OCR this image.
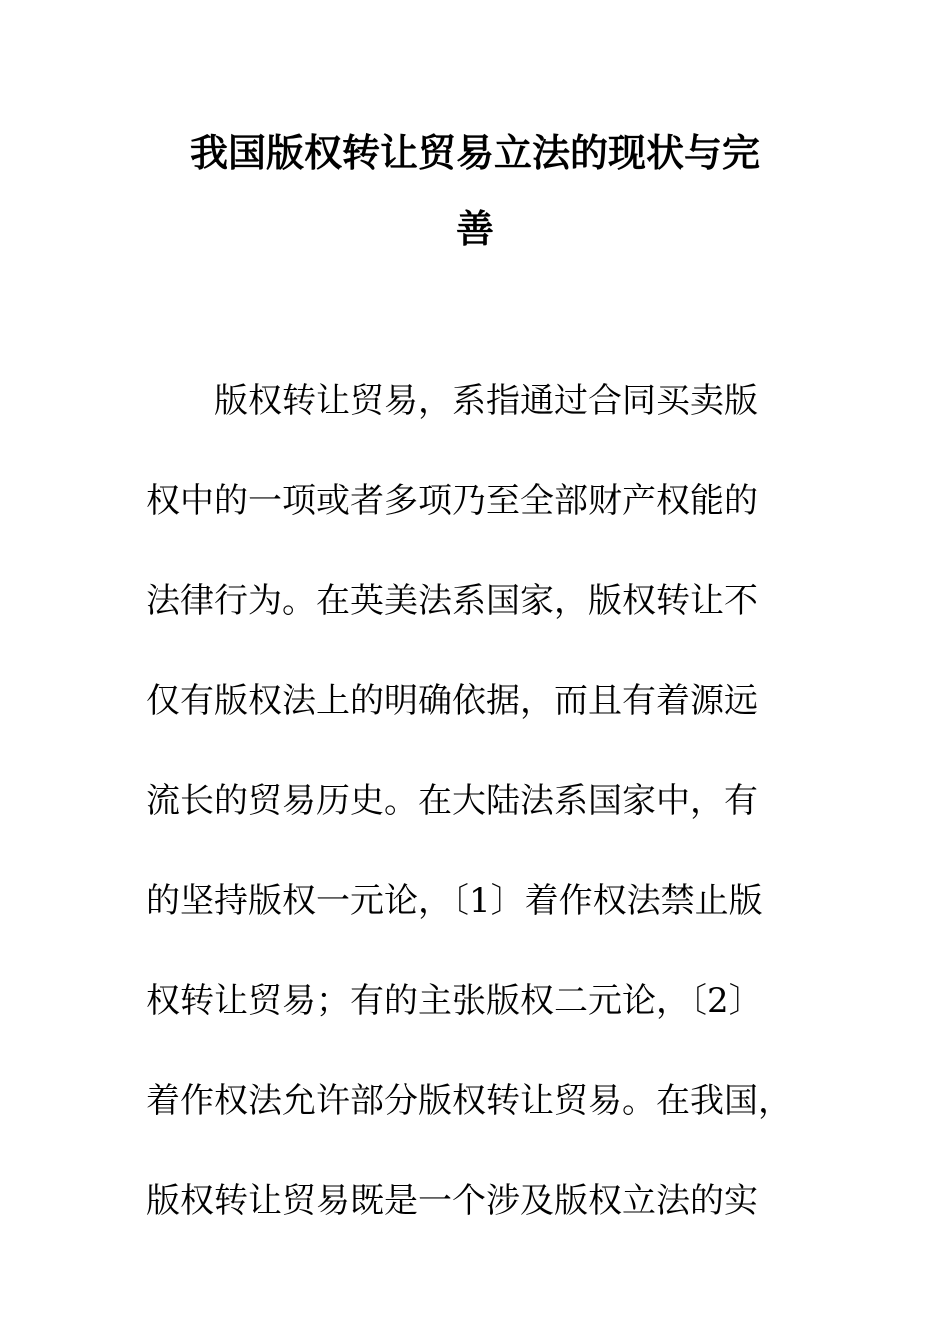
我国版权转让贸易立法的现状与完
善

版权转让贸易，系指通过合同买卖版

权中的一项或者多项乃至全部财产权能的

法律行为。在英美法系国家，版权转让不

仅有版权法上的明确依据，而且有着源远

流长的贸易历史。在大陆法系国家中，有

的坚持版权一元论，〔1〕着作权法禁止版

权转让贸易；有的主张版权二元论，〔2〕

着作权法允许部分版权转让贸易。在我国，

版权转让贸易既是一个涉及版权立法的实
